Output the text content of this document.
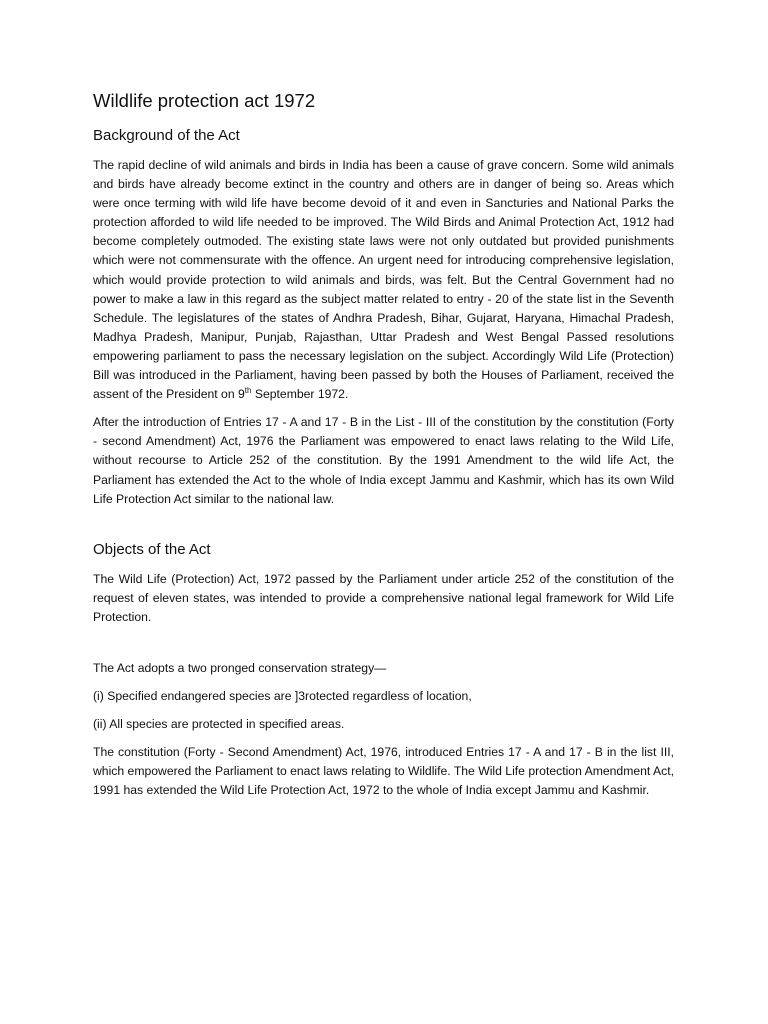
Wildlife protection act 1972
Background of the Act

The rapid decline of wild animals and birds in India has been a cause of grave concern. Some wild animals and birds have already become extinct in the country and others are in danger of being so. Areas which were once terming with wild life have become devoid of it and even in Sancturies and National Parks the protection afforded to wild life needed to be improved. The Wild Birds and Animal Protection Act, 1912 had become completely outmoded. The existing state laws were not only outdated but provided punishments which were not commensurate with the offence. An urgent need for introducing comprehensive legislation, which would provide protection to wild animals and birds, was felt. But the Central Government had no power to make a law in this regard as the subject matter related to entry - 20 of the state list in the Seventh Schedule. The legislatures of the states of Andhra Pradesh, Bihar, Gujarat, Haryana, Himachal Pradesh, Madhya Pradesh, Manipur, Punjab, Rajasthan, Uttar Pradesh and West Bengal Passed resolutions empowering parliament to pass the necessary legislation on the subject. Accordingly Wild Life (Protection) Bill was introduced in the Parliament, having been passed by both the Houses of Parliament, received the assent of the President on 9th September 1972.

After the introduction of Entries 17 - A and 17 - B in the List - III of the constitution by the constitution (Forty - second Amendment) Act, 1976 the Parliament was empowered to enact laws relating to the Wild Life, without recourse to Article 252 of the constitution. By the 1991 Amendment to the wild life Act, the Parliament has extended the Act to the whole of India except Jammu and Kashmir, which has its own Wild Life Protection Act similar to the national law.

Objects of the Act

The Wild Life (Protection) Act, 1972 passed by the Parliament under article 252 of the constitution of the request of eleven states, was intended to provide a comprehensive national legal framework for Wild Life Protection.

The Act adopts a two pronged conservation strategy—

(i) Specified endangered species are ]3rotected regardless of location,

(ii) All species are protected in specified areas.

The constitution (Forty - Second Amendment) Act, 1976, introduced Entries 17 - A and 17 - B in the list III, which empowered the Parliament to enact laws relating to Wildlife. The Wild Life protection Amendment Act, 1991 has extended the Wild Life Protection Act, 1972 to the whole of India except Jammu and Kashmir.
